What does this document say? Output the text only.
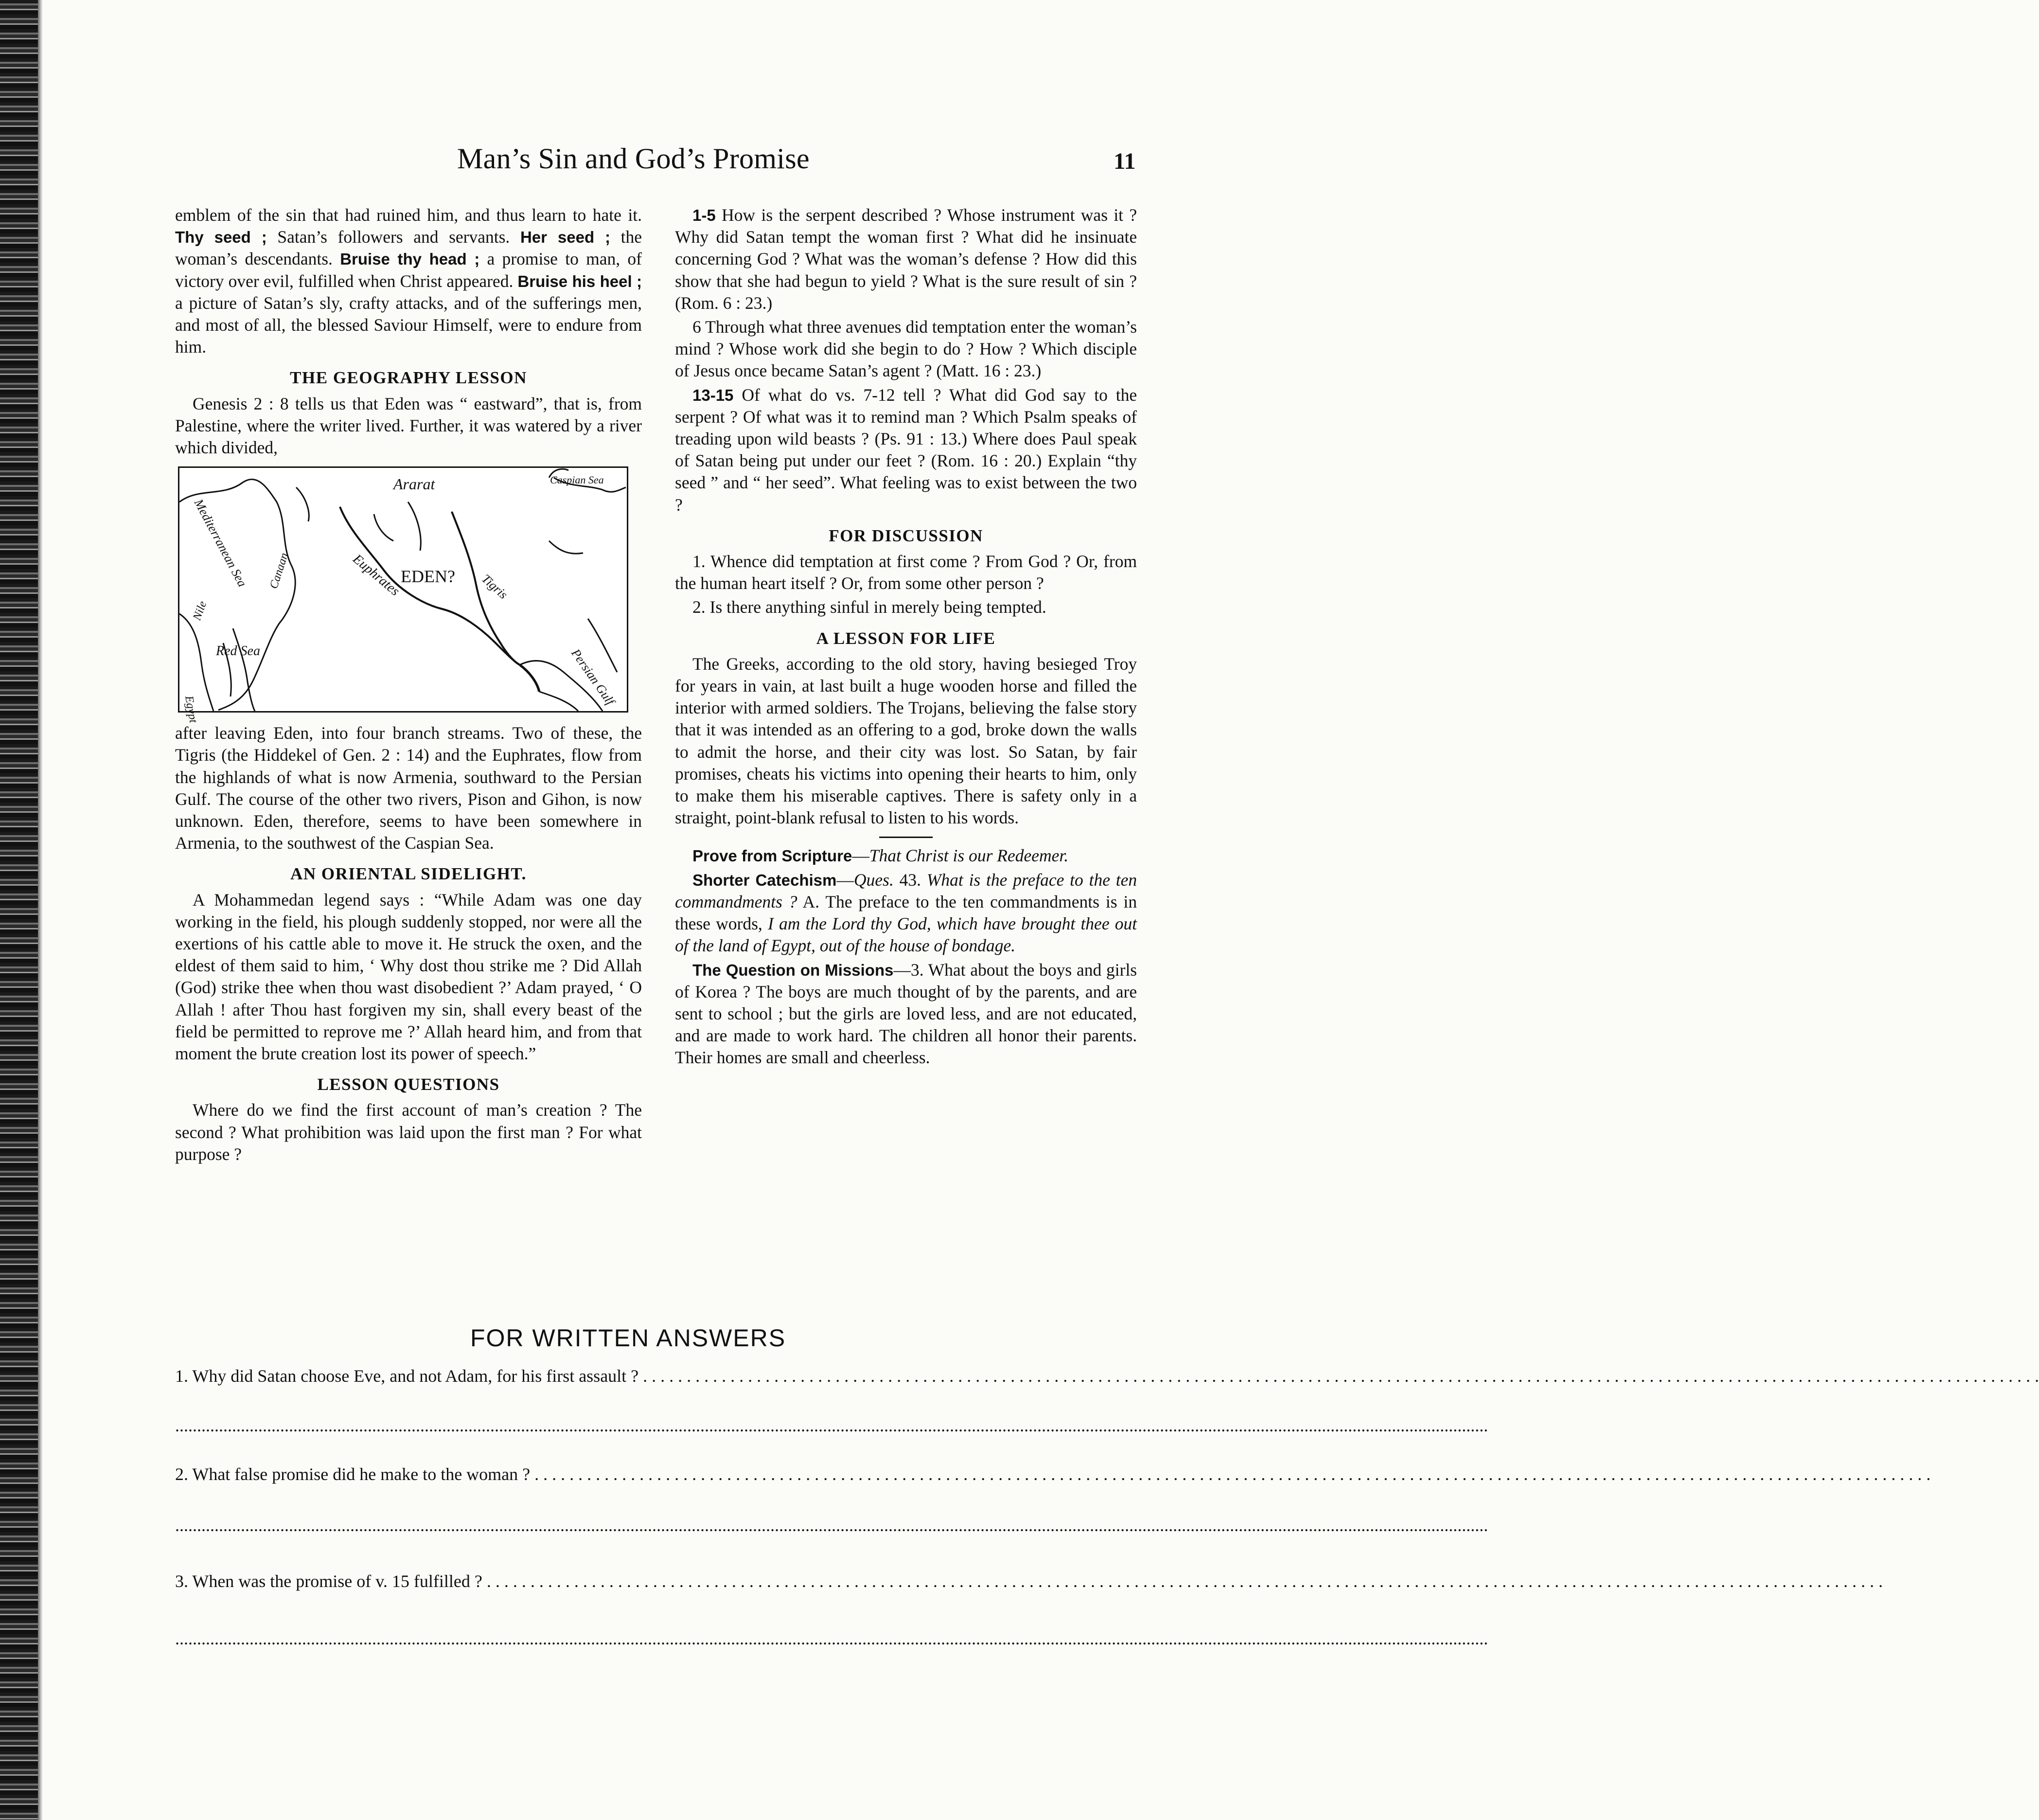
Man’s Sin and God’s Promise	11

emblem of the sin that had ruined him, and thus learn to hate it. Thy seed ; Satan’s followers and servants. Her seed ; the woman’s descendants. Bruise thy head ; a promise to man, of victory over evil, fulfilled when Christ appeared. Bruise his heel ; a picture of Satan’s sly, crafty attacks, and of the sufferings men, and most of all, the blessed Saviour Himself, were to endure from him.

THE GEOGRAPHY LESSON

Genesis 2 : 8 tells us that Eden was “ eastward”, that is, from Palestine, where the writer lived. Further, it was watered by a river which divided,

Ararat	Caspian Sea
Mediterranean Sea Canaan	EDEN?
Euphrates	Tigris
Red Sea
Egypt
Nile
Persian Gulf

after leaving Eden, into four branch streams. Two of these, the Tigris (the Hiddekel of Gen. 2 : 14) and the Euphrates, flow from the highlands of what is now Armenia, southward to the Persian Gulf. The course of the other two rivers, Pison and Gihon, is now unknown. Eden, therefore, seems to have been somewhere in Armenia, to the southwest of the Caspian Sea.

AN ORIENTAL SIDELIGHT.

A Mohammedan legend says : “While Adam was one day working in the field, his plough suddenly stopped, nor were all the exertions of his cattle able to move it. He struck the oxen, and the eldest of them said to him, ‘ Why dost thou strike me ? Did Allah (God) strike thee when thou wast disobedient ?’ Adam prayed, ‘ O Allah ! after Thou hast forgiven my sin, shall every beast of the field be permitted to reprove me ?’ Allah heard him, and from that moment the brute creation lost its power of speech.”

LESSON QUESTIONS

Where do we find the first account of man’s creation ? The second ? What prohibition was laid upon the first man ? For what purpose ?

1-5 How is the serpent described ? Whose instrument was it ? Why did Satan tempt the woman first ? What did he insinuate concerning God ? What was the woman’s defense ? How did this show that she had begun to yield ? What is the sure result of sin ? (Rom. 6 : 23.)

6 Through what three avenues did temptation enter the woman’s mind ? Whose work did she begin to do ? How ? Which disciple of Jesus once became Satan’s agent ? (Matt. 16 : 23.)

13-15 Of what do vs. 7-12 tell ? What did God say to the serpent ? Of what was it to remind man ? Which Psalm speaks of treading upon wild beasts ? (Ps. 91 : 13.) Where does Paul speak of Satan being put under our feet ? (Rom. 16 : 20.) Explain “thy seed ” and “ her seed”. What feeling was to exist between the two ?

FOR DISCUSSION

1. Whence did temptation at first come ? From God ? Or, from the human heart itself ? Or, from some other person ?

2. Is there anything sinful in merely being tempted.

A LESSON FOR LIFE

The Greeks, according to the old story, having besieged Troy for years in vain, at last built a huge wooden horse and filled the interior with armed soldiers. The Trojans, believing the false story that it was intended as an offering to a god, broke down the walls to admit the horse, and their city was lost. So Satan, by fair promises, cheats his victims into opening their hearts to him, only to make them his miserable captives. There is safety only in a straight, point-blank refusal to listen to his words.

Prove from Scripture—That Christ is our Redeemer.

Shorter Catechism—Ques. 43. What is the preface to the ten commandments ? A. The preface to the ten commandments is in these words, I am the Lord thy God, which have brought thee out of the land of Egypt, out of the house of bondage.

The Question on Missions—3. What about the boys and girls of Korea ? The boys are much thought of by the parents, and are sent to school ; but the girls are loved less, and are not educated, and are made to work hard. The children all honor their parents. Their homes are small and cheerless.

FOR WRITTEN ANSWERS
1. Why did Satan choose Eve, and not Adam, for his first assault ? . . . . . . . . . . . . . . . . . . . . . . . . . . . . . . . . . . . . . . . . . . . . . . . . . . . . . . . . . . . . . . . . . . . . . . . . . . . . . . . . . . . . . . . . . . . . . . . . . . . . . . . . . . . . . . . . . . . . . . . . . . . . . . . . . . . . . . . . . . . . . . . . . . . . . . . . . . . . . . . .
............................................................................................................................................................................................................................................................................................................
2. What false promise did he make to the woman ? . . . . . . . . . . . . . . . . . . . . . . . . . . . . . . . . . . . . . . . . . . . . . . . . . . . . . . . . . . . . . . . . . . . . . . . . . . . . . . . . . . . . . . . . . . . . . . . . . . . . . . . . . . . . . . . . . . . . . . . . . . . . . . . . . . . . . . . . . . . . . . . . . . . . . . . . . . . . . . . .
............................................................................................................................................................................................................................................................................................................
3. When was the promise of v. 15 fulfilled ? . . . . . . . . . . . . . . . . . . . . . . . . . . . . . . . . . . . . . . . . . . . . . . . . . . . . . . . . . . . . . . . . . . . . . . . . . . . . . . . . . . . . . . . . . . . . . . . . . . . . . . . . . . . . . . . . . . . . . . . . . . . . . . . . . . . . . . . . . . . . . . . . . . . . . . . . . . . . . . . .
............................................................................................................................................................................................................................................................................................................
